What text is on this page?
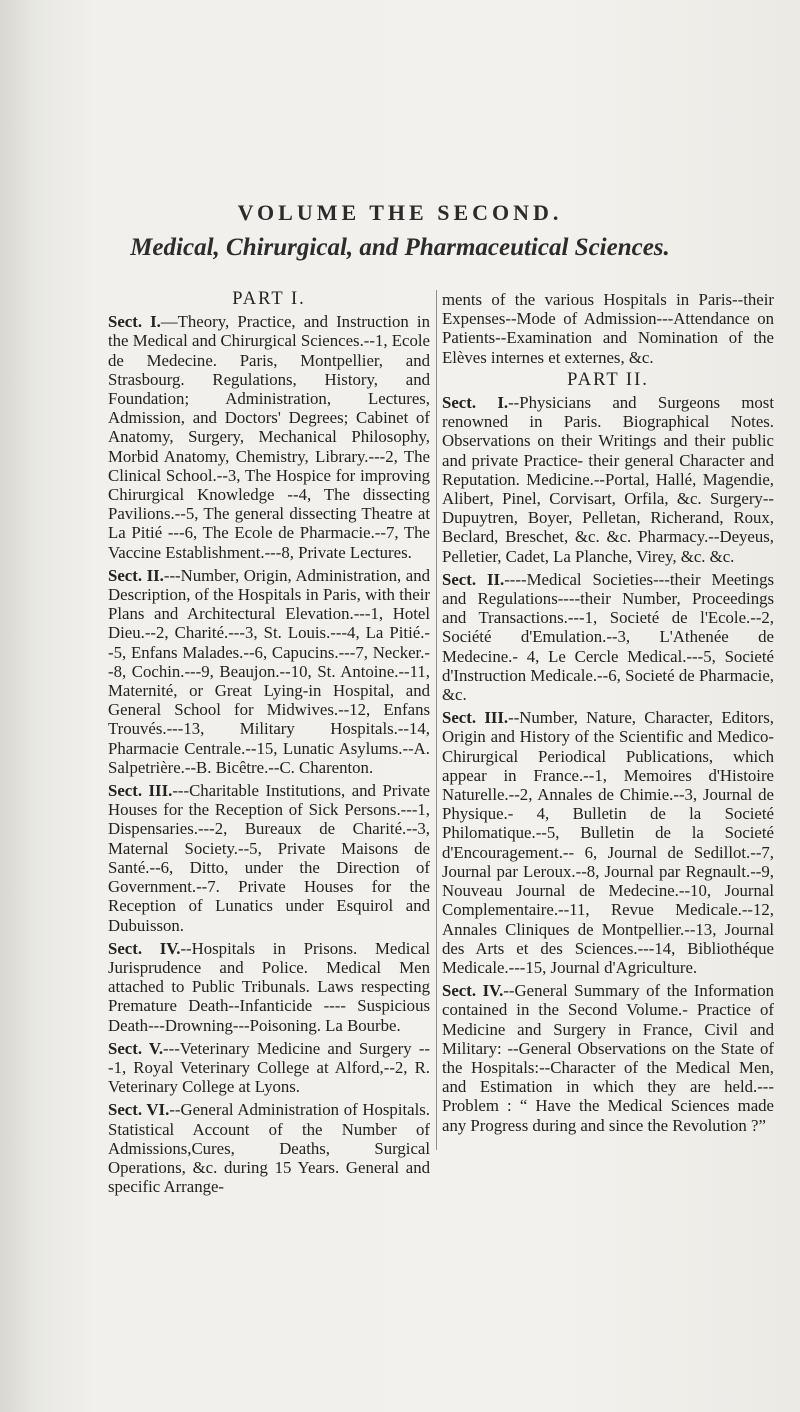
VOLUME THE SECOND.
Medical, Chirurgical, and Pharmaceutical Sciences.
PART I.

Sect. I.—Theory, Practice, and Instruction in the Medical and Chirurgical Sciences.--1, Ecole de Medecine. Paris, Montpellier, and Strasbourg. Regulations, History, and Foundation; Administration, Lectures, Admission, and Doctors' Degrees; Cabinet of Anatomy, Surgery, Mechanical Philosophy, Morbid Anatomy, Chemistry, Library.---2, The Clinical School.--3, The Hospice for improving Chirurgical Knowledge --4, The dissecting Pavilions.--5, The general dissecting Theatre at La Pitié ---6, The Ecole de Pharmacie.--7, The Vaccine Establishment.---8, Private Lectures.

Sect. II.---Number, Origin, Administration, and Description, of the Hospitals in Paris, with their Plans and Architectural Elevation.---1, Hotel Dieu.--2, Charité.---3, St. Louis.---4, La Pitié.--5, Enfans Malades.--6, Capucins.---7, Necker.--8, Cochin.---9, Beaujon.--10, St. Antoine.--11, Maternité, or Great Lying-in Hospital, and General School for Midwives.--12, Enfans Trouvés.---13, Military Hospitals.--14, Pharmacie Centrale.--15, Lunatic Asylums.--A. Salpetrière.--B. Bicêtre.--C. Charenton.

Sect. III.---Charitable Institutions, and Private Houses for the Reception of Sick Persons.---1, Dispensaries.---2, Bureaux de Charité.--3, Maternal Society.--5, Private Maisons de Santé.--6, Ditto, under the Direction of Government.--7. Private Houses for the Reception of Lunatics under Esquirol and Dubuisson.

Sect. IV.--Hospitals in Prisons. Medical Jurisprudence and Police. Medical Men attached to Public Tribunals. Laws respecting Premature Death--Infanticide ---- Suspicious Death---Drowning---Poisoning. La Bourbe.

Sect. V.---Veterinary Medicine and Surgery ---1, Royal Veterinary College at Alford,--2, R. Veterinary College at Lyons.

Sect. VI.--General Administration of Hospitals. Statistical Account of the Number of Admissions,Cures, Deaths, Surgical Operations, &c. during 15 Years. General and specific Arrange-

ments of the various Hospitals in Paris--their Expenses--Mode of Admission---Attendance on Patients--Examination and Nomination of the Elèves internes et externes, &c.

PART II.

Sect. I.--Physicians and Surgeons most renowned in Paris. Biographical Notes. Observations on their Writings and their public and private Practice- their general Character and Reputation. Medicine.--Portal, Hallé, Magendie, Alibert, Pinel, Corvisart, Orfila, &c. Surgery--Dupuytren, Boyer, Pelletan, Richerand, Roux, Beclard, Breschet, &c. &c. Pharmacy.--Deyeus, Pelletier, Cadet, La Planche, Virey, &c. &c.

Sect. II.----Medical Societies---their Meetings and Regulations----their Number, Proceedings and Transactions.---1, Societé de l'Ecole.--2, Société d'Emulation.--3, L'Athenée de Medecine.- 4, Le Cercle Medical.---5, Societé d'Instruction Medicale.--6, Societé de Pharmacie, &c.

Sect. III.--Number, Nature, Character, Editors, Origin and History of the Scientific and Medico-Chirurgical Periodical Publications, which appear in France.--1, Memoires d'Histoire Naturelle.--2, Annales de Chimie.--3, Journal de Physique.- 4, Bulletin de la Societé Philomatique.--5, Bulletin de la Societé d'Encouragement.-- 6, Journal de Sedillot.--7, Journal par Leroux.--8, Journal par Regnault.--9, Nouveau Journal de Medecine.--10, Journal Complementaire.--11, Revue Medicale.--12, Annales Cliniques de Montpellier.--13, Journal des Arts et des Sciences.---14, Bibliothéque Medicale.---15, Journal d'Agriculture.

Sect. IV.--General Summary of the Information contained in the Second Volume.- Practice of Medicine and Surgery in France, Civil and Military: --General Observations on the State of the Hospitals:--Character of the Medical Men, and Estimation in which they are held.---Problem : “ Have the Medical Sciences made any Progress during and since the Revolution ?”
